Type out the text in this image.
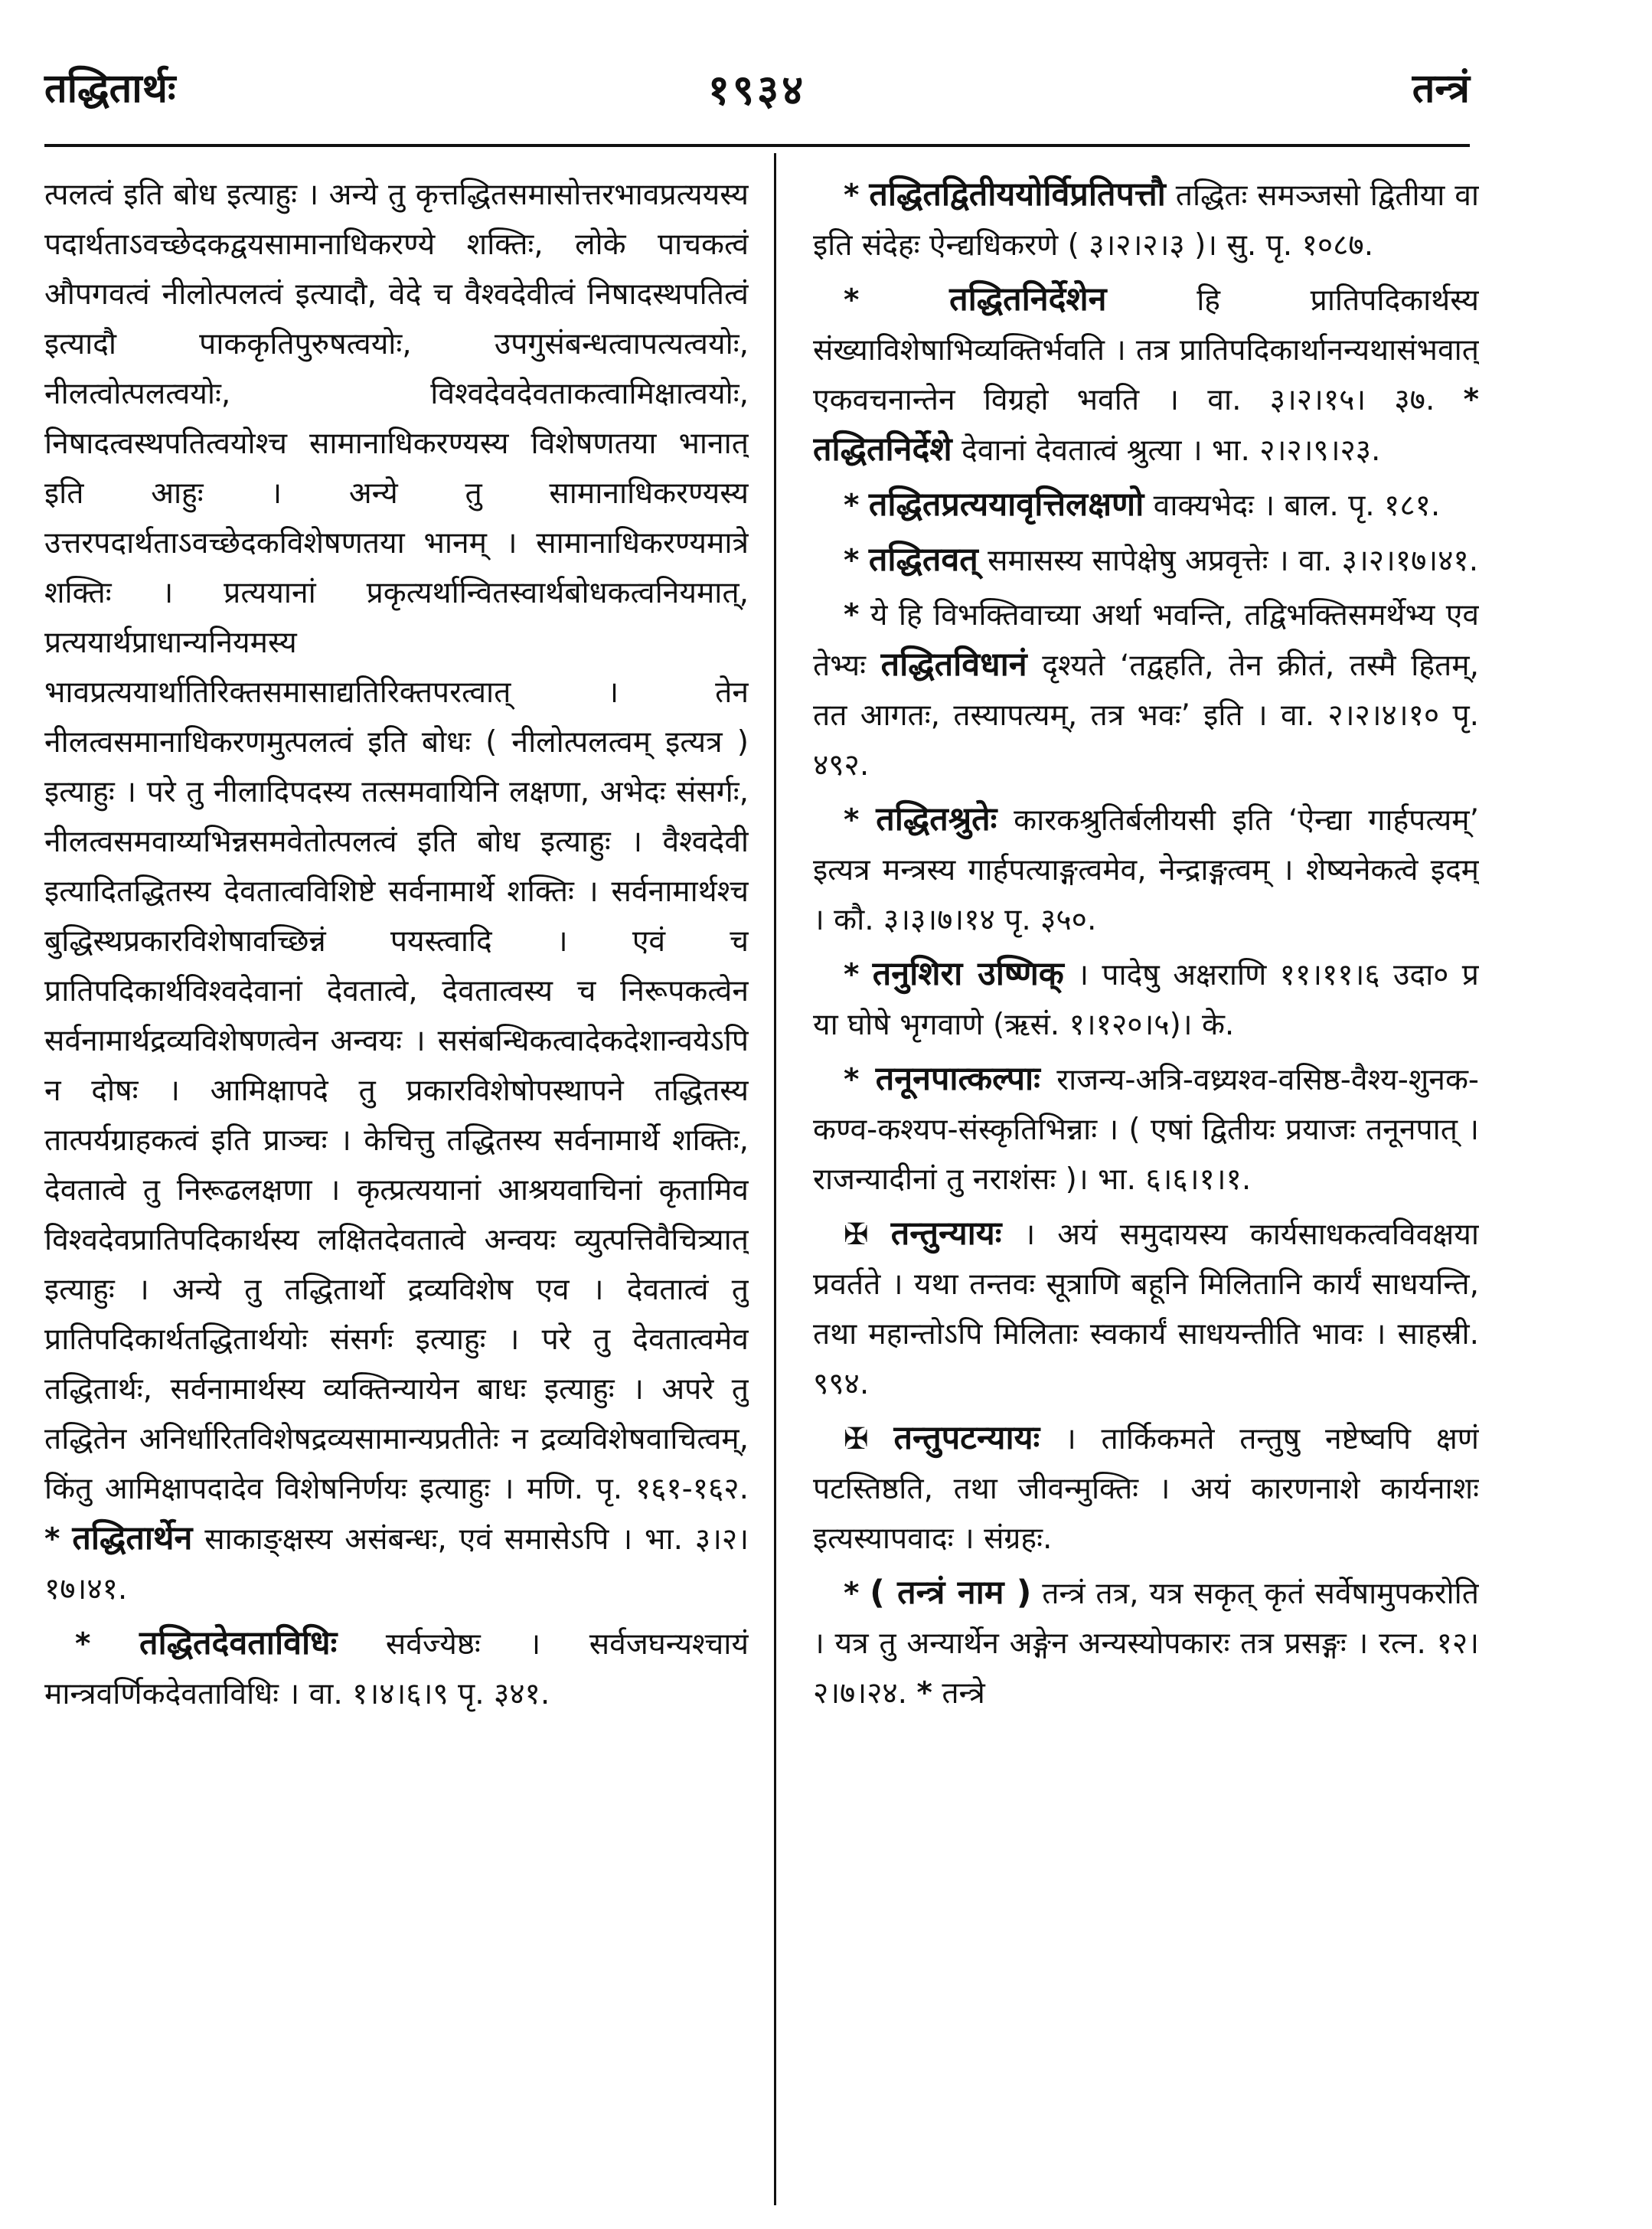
तद्धितार्थः	१९३४	तन्त्रं

त्पलत्वं इति बोध इत्याहुः । अन्ये तु कृत्तद्धितसमासोत्तरभावप्रत्ययस्य पदार्थताऽवच्छेदकद्वयसामानाधिकरण्ये शक्तिः, लोके पाचकत्वं औपगवत्वं नीलोत्पलत्वं इत्यादौ, वेदे च वैश्वदेवीत्वं निषादस्थपतित्वं इत्यादौ पाककृतिपुरुषत्वयोः, उपगुसंबन्धत्वापत्यत्वयोः, नीलत्वोत्पलत्वयोः, विश्वदेवदेवताकत्वामिक्षात्वयोः, निषादत्वस्थपतित्वयोश्च सामानाधिकरण्यस्य विशेषणतया भानात् इति आहुः । अन्ये तु सामानाधिकरण्यस्य उत्तरपदार्थताऽवच्छेदकविशेषणतया भानम् । सामानाधिकरण्यमात्रे शक्तिः । प्रत्ययानां प्रकृत्यर्थान्वितस्वार्थबोधकत्वनियमात्, प्रत्ययार्थप्राधान्यनियमस्य भावप्रत्ययार्थातिरिक्तसमासाद्यतिरिक्तपरत्वात् । तेन नीलत्वसमानाधिकरणमुत्पलत्वं इति बोधः ( नीलोत्पलत्वम् इत्यत्र ) इत्याहुः । परे तु नीलादिपदस्य तत्समवायिनि लक्षणा, अभेदः संसर्गः, नीलत्वसमवाय्यभिन्नसमवेतोत्पलत्वं इति बोध इत्याहुः । वैश्वदेवी इत्यादितद्धितस्य देवतात्वविशिष्टे सर्वनामार्थे शक्तिः । सर्वनामार्थश्च बुद्धिस्थप्रकारविशेषावच्छिन्नं पयस्त्वादि । एवं च प्रातिपदिकार्थविश्वदेवानां देवतात्वे, देवतात्वस्य च निरूपकत्वेन सर्वनामार्थद्रव्यविशेषणत्वेन अन्वयः । ससंबन्धिकत्वादेकदेशान्वयेऽपि न दोषः । आमिक्षापदे तु प्रकारविशेषोपस्थापने तद्धितस्य तात्पर्यग्राहकत्वं इति प्राञ्चः । केचित्तु तद्धितस्य सर्वनामार्थे शक्तिः, देवतात्वे तु निरूढलक्षणा । कृत्प्रत्ययानां आश्रयवाचिनां कृतामिव विश्वदेवप्रातिपदिकार्थस्य लक्षितदेवतात्वे अन्वयः व्युत्पत्तिवैचित्र्यात् इत्याहुः । अन्ये तु तद्धितार्थो द्रव्यविशेष एव । देवतात्वं तु प्रातिपदिकार्थतद्धितार्थयोः संसर्गः इत्याहुः । परे तु देवतात्वमेव तद्धितार्थः, सर्वनामार्थस्य व्यक्तिन्यायेन बाधः इत्याहुः । अपरे तु तद्धितेन अनिर्धारितविशेषद्रव्यसामान्यप्रतीतेः न द्रव्यविशेषवाचित्वम्, किंतु आमिक्षापदादेव विशेषनिर्णयः इत्याहुः । मणि. पृ. १६१-१६२. * तद्धितार्थेन साकाङ्क्षस्य असंबन्धः, एवं समासेऽपि । भा. ३।२।१७।४१.

* तद्धितदेवताविधिः सर्वज्येष्ठः । सर्वजघन्यश्चायं मान्त्रवर्णिकदेवताविधिः । वा. १।४।६।९ पृ. ३४१.

* तद्धितद्वितीययोर्विप्रतिपत्तौ तद्धितः समञ्जसो द्वितीया वा इति संदेहः ऐन्द्यधिकरणे ( ३।२।२।३ )। सु. पृ. १०८७.

*	तद्धितनिर्देशेन	हि प्रातिपदिकार्थस्य संख्याविशेषाभिव्यक्तिर्भवति । तत्र प्रातिपदिकार्थानन्यथासंभवात् एकवचनान्तेन विग्रहो भवति । वा. ३।२।१५। ३७. * तद्धितनिर्देशे देवानां देवतात्वं श्रुत्या । भा. २।२।९।२३.

* तद्धितप्रत्ययावृत्तिलक्षणो वाक्यभेदः । बाल. पृ. १८१.

* तद्धितवत् समासस्य सापेक्षेषु अप्रवृत्तेः । वा. ३।२।१७।४१.

* ये हि विभक्तिवाच्या अर्था भवन्ति, तद्विभक्तिसमर्थेभ्य एव तेभ्यः तद्धितविधानं दृश्यते ‘तद्वहति, तेन क्रीतं, तस्मै हितम्, तत आगतः, तस्यापत्यम्, तत्र भवः’ इति । वा. २।२।४।१० पृ. ४९२.

* तद्धितश्रुतेः कारकश्रुतिर्बलीयसी इति ‘ऐन्द्या गार्हपत्यम्’ इत्यत्र मन्त्रस्य गार्हपत्याङ्गत्वमेव, नेन्द्राङ्गत्वम् । शेष्यनेकत्वे इदम् । कौ. ३।३।७।१४ पृ. ३५०.

* तनुशिरा उष्णिक् । पादेषु अक्षराणि ११।११।६ उदा० प्र या घोषे भृगवाणे (ऋसं. १।१२०।५)। के.

* तनूनपात्कल्पाः राजन्य-अत्रि-वध्र्यश्व-वसिष्ठ-वैश्य-शुनक-कण्व-कश्यप-संस्कृतिभिन्नाः । ( एषां द्वितीयः प्रयाजः तनूनपात् । राजन्यादीनां तु नराशंसः )। भा. ६।६।१।१.

✠ तन्तुन्यायः । अयं समुदायस्य कार्यसाधकत्वविवक्षया प्रवर्तते । यथा तन्तवः सूत्राणि बहूनि मिलितानि कार्यं साधयन्ति, तथा महान्तोऽपि मिलिताः स्वकार्यं साधयन्तीति भावः । साहस्री. ९९४.

✠ तन्तुपटन्यायः । तार्किकमते तन्तुषु नष्टेष्वपि क्षणं पटस्तिष्ठति, तथा जीवन्मुक्तिः । अयं कारणनाशे कार्यनाशः इत्यस्यापवादः । संग्रहः.

* ( तन्त्रं नाम ) तन्त्रं तत्र, यत्र सकृत् कृतं सर्वेषामुपकरोति । यत्र तु अन्यार्थेन अङ्गेन अन्यस्योपकारः तत्र प्रसङ्गः । रत्न. १२।२।७।२४. * तन्त्रे
